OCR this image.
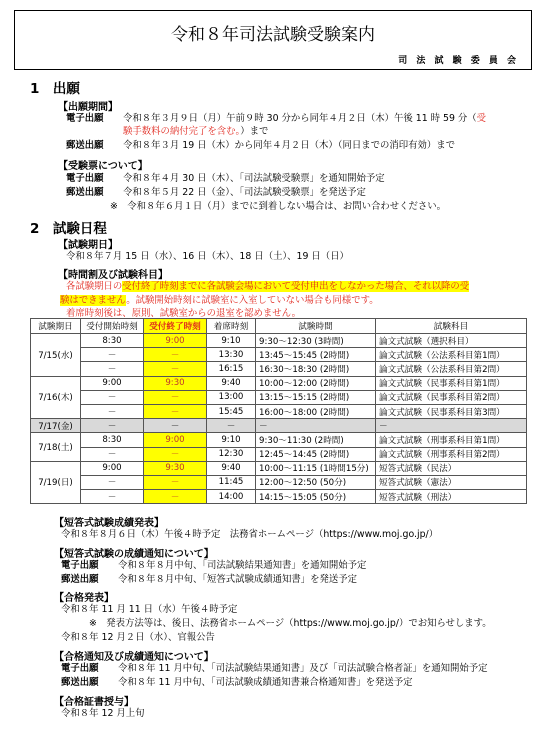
令和８年司法試験受験案内
司 法 試 験 委 員 会
1　出願
【出願期間】
電子出願 令和８年３月９日（月）午前９時 30 分から同年４月２日（木）午後 11 時 59 分（受
験手数料の納付完了を含む。）まで
郵送出願 令和８年３月 19 日（木）から同年４月２日（木）（同日までの消印有効）まで
【受験票について】
電子出願 令和８年４月 30 日（木）、「司法試験受験票」を通知開始予定
郵送出願 令和８年５月 22 日（金）、「司法試験受験票」を発送予定
※　令和８年６月１日（月）までに到着しない場合は、お問い合わせください。
2　試験日程
【試験期日】
令和８年７月 15 日（水）、16 日（木）、18 日（土）、19 日（日）
【時間割及び試験科目】
各試験期日の受付終了時刻までに各試験会場において受付申出をしなかった場合、それ以降の受
験はできません。試験開始時刻に試験室に入室していない場合も同様です。
着席時刻後は、原則、試験室からの退室を認めません。
試験期日	受付開始時刻	受付終了時刻	着席時刻	試験時間	試験科目
7/15(水)	8:30	9:00	9:10	9:30～12:30 (3時間)	論文式試験（選択科目）
	－	－	13:30	13:45～15:45 (2時間)	論文式試験（公法系科目第1問）
	－	－	16:15	16:30～18:30 (2時間)	論文式試験（公法系科目第2問）
7/16(木)	9:00	9:30	9:40	10:00～12:00 (2時間)	論文式試験（民事系科目第1問）
	－	－	13:00	13:15～15:15 (2時間)	論文式試験（民事系科目第2問）
	－	－	15:45	16:00～18:00 (2時間)	論文式試験（民事系科目第3問）
7/17(金)	－	－	－	－	－
7/18(土)	8:30	9:00	9:10	9:30～11:30 (2時間)	論文式試験（刑事系科目第1問）
	－	－	12:30	12:45～14:45 (2時間)	論文式試験（刑事系科目第2問）
7/19(日)	9:00	9:30	9:40	10:00～11:15 (1時間15分)	短答式試験（民法）
	－	－	11:45	12:00～12:50 (50分)	短答式試験（憲法）
	－	－	14:00	14:15～15:05 (50分)	短答式試験（刑法）
【短答式試験成績発表】
令和８年８月６日（木）午後４時予定　法務省ホームページ（https://www.moj.go.jp/）
【短答式試験の成績通知について】
電子出願 令和８年８月中旬、「司法試験結果通知書」を通知開始予定
郵送出願 令和８年８月中旬、「短答式試験成績通知書」を発送予定
【合格発表】
令和８年 11 月 11 日（水）午後４時予定
※　発表方法等は、後日、法務省ホームページ（https://www.moj.go.jp/）でお知らせします。
令和８年 12 月２日（水）、官報公告
【合格通知及び成績通知について】
電子出願 令和８年 11 月中旬、「司法試験結果通知書」及び「司法試験合格者証」を通知開始予定
郵送出願 令和８年 11 月中旬、「司法試験成績通知書兼合格通知書」を発送予定
【合格証書授与】
令和８年 12 月上旬
